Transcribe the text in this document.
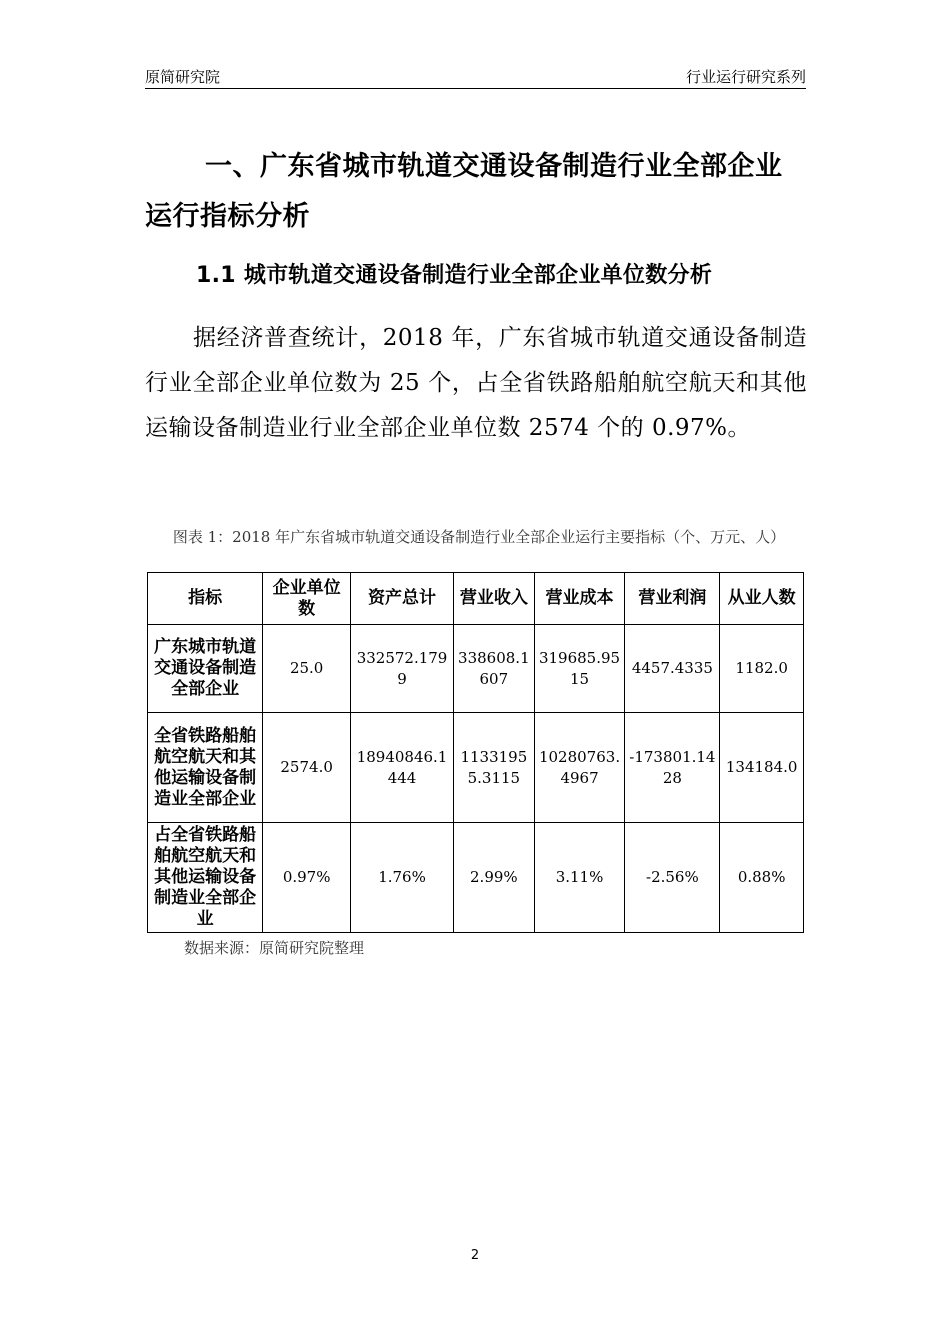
原简研究院	行业运行研究系列
一、广东省城市轨道交通设备制造行业全部企业运行指标分析
1.1 城市轨道交通设备制造行业全部企业单位数分析
据经济普查统计，2018 年，广东省城市轨道交通设备制造行业全部企业单位数为 25 个，占全省铁路船舶航空航天和其他运输设备制造业行业全部企业单位数 2574 个的 0.97%。
图表 1：2018 年广东省城市轨道交通设备制造行业全部企业运行主要指标（个、万元、人）
指标	企业单位数	资产总计	营业收入	营业成本	营业利润	从业人数
广东城市轨道交通设备制造全部企业	25.0	332572.1799	338608.1607	319685.9515	4457.4335	1182.0
全省铁路船舶航空航天和其他运输设备制造业全部企业	2574.0	18940846.1444	11331955.3115	10280763.4967	-173801.1428	134184.0
占全省铁路船舶航空航天和其他运输设备制造业全部企业	0.97%	1.76%	2.99%	3.11%	-2.56%	0.88%
数据来源：原简研究院整理
2
